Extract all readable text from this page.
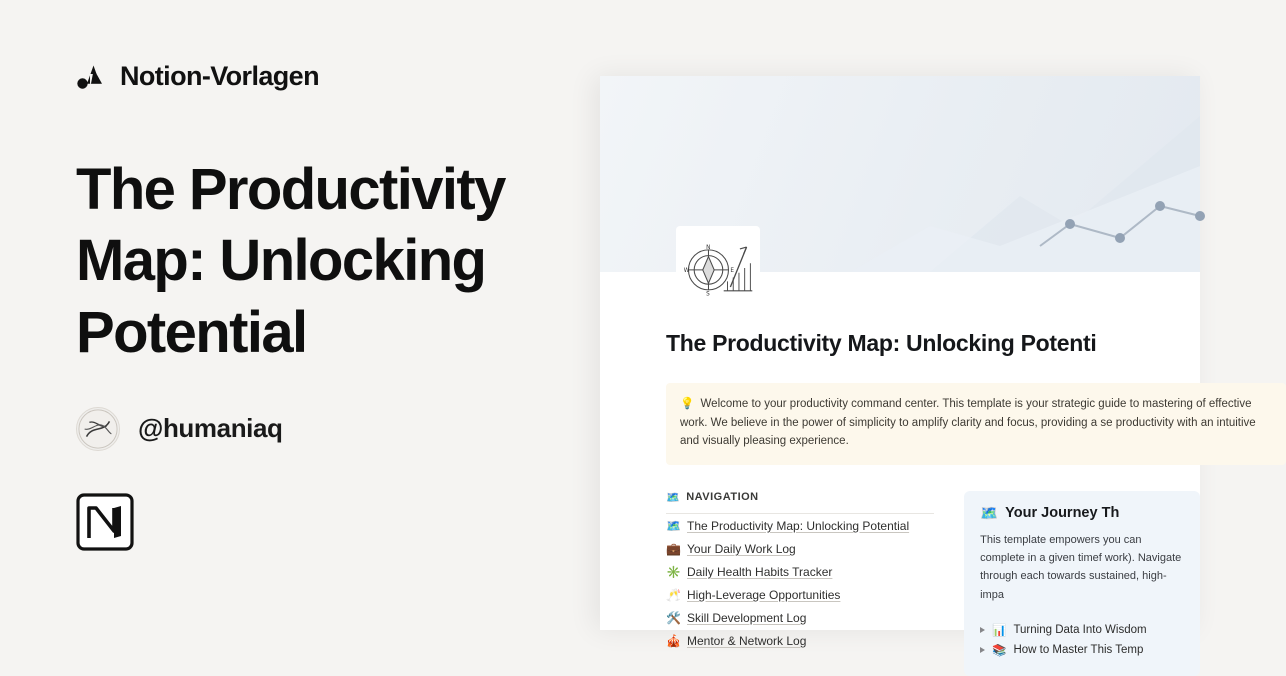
Notion-Vorlagen
The Productivity Map: Unlocking Potential
@humaniaq
N
S
W	E
The Productivity Map: Unlocking Potenti
💡 Welcome to your productivity command center. This template is your strategic guide to mastering of effective work. We believe in the power of simplicity to amplify clarity and focus, providing a se productivity with an intuitive and visually pleasing experience.
🗺️ NAVIGATION
🗺️ The Productivity Map: Unlocking Potential
💼 Your Daily Work Log
✳️ Daily Health Habits Tracker
🥂 High-Leverage Opportunities
🛠️ Skill Development Log
🎪 Mentor & Network Log
🗺️ Your Journey Th
This template empowers you can complete in a given timef work). Navigate through each towards sustained, high-impa
📊 Turning Data Into Wisdom
📚 How to Master This Temp
